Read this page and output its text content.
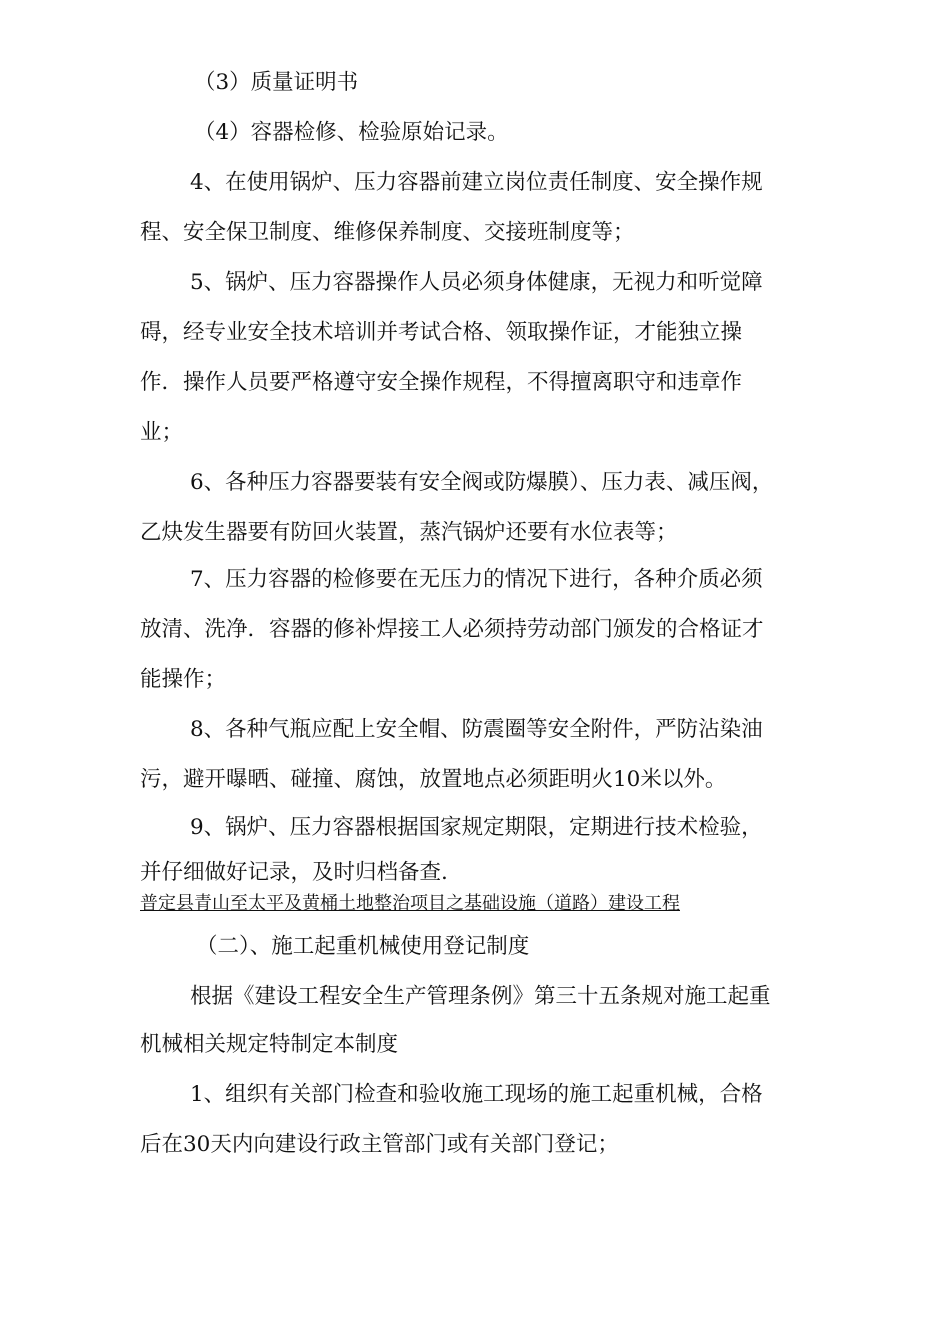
（3）质量证明书
（4）容器检修、检验原始记录。
4、在使用锅炉、压力容器前建立岗位责任制度、安全操作规
程、安全保卫制度、维修保养制度、交接班制度等；
5、锅炉、压力容器操作人员必须身体健康，无视力和听觉障
碍，经专业安全技术培训并考试合格、领取操作证，才能独立操
作．操作人员要严格遵守安全操作规程，不得擅离职守和违章作
业；
6、各种压力容器要装有安全阀或防爆膜）、压力表、减压阀，
乙炔发生器要有防回火装置，蒸汽锅炉还要有水位表等；
7、压力容器的检修要在无压力的情况下进行，各种介质必须
放清、洗净．容器的修补焊接工人必须持劳动部门颁发的合格证才
能操作；
8、各种气瓶应配上安全帽、防震圈等安全附件，严防沾染油
污，避开曝晒、碰撞、腐蚀，放置地点必须距明火10米以外。
9、锅炉、压力容器根据国家规定期限，定期进行技术检验，
并仔细做好记录，及时归档备查.
普定县青山至太平及黄桶土地整治项目之基础设施（道路）建设工程
（二）、施工起重机械使用登记制度
根据《建设工程安全生产管理条例》第三十五条规对施工起重
机械相关规定特制定本制度
1、组织有关部门检查和验收施工现场的施工起重机械，合格
后在30天内向建设行政主管部门或有关部门登记；
